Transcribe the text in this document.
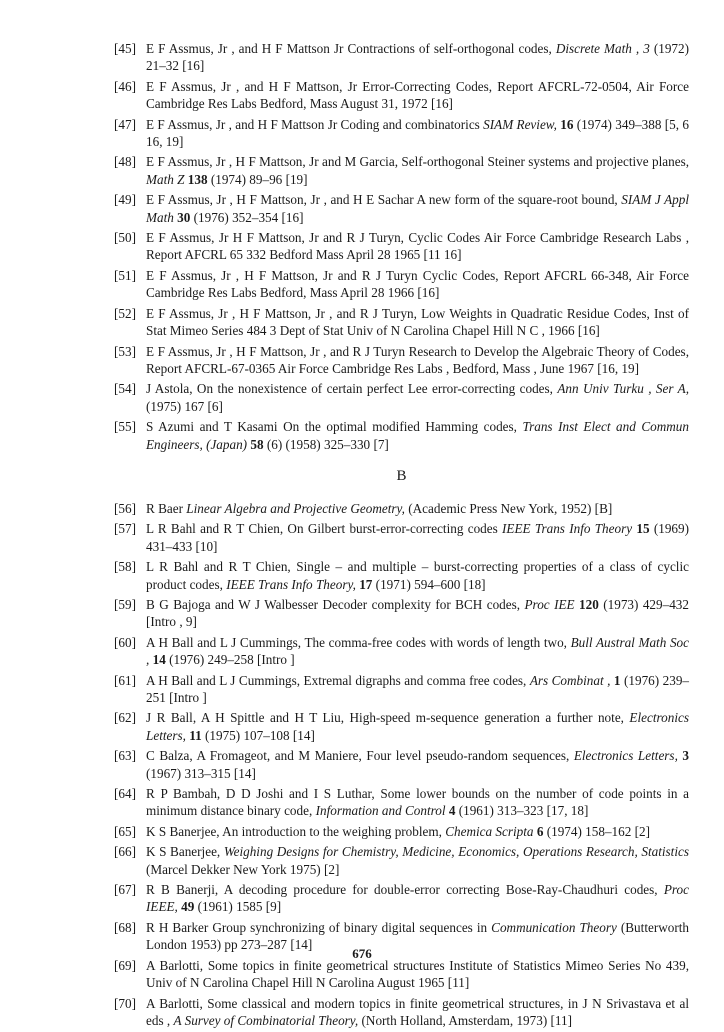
[45] E F Assmus, Jr , and H F Mattson Jr Contractions of self-orthogonal codes, Discrete Math , 3 (1972) 21–32 [16]
[46] E F Assmus, Jr , and H F Mattson, Jr Error-Correcting Codes, Report AFCRL-72-0504, Air Force Cambridge Res Labs Bedford, Mass August 31, 1972 [16]
[47] E F Assmus, Jr , and H F Mattson Jr Coding and combinatorics SIAM Review, 16 (1974) 349–388 [5, 6 16, 19]
[48] E F Assmus, Jr , H F Mattson, Jr and M Garcia, Self-orthogonal Steiner systems and projective planes, Math Z 138 (1974) 89–96 [19]
[49] E F Assmus, Jr , H F Mattson, Jr , and H E Sachar A new form of the square-root bound, SIAM J Appl Math 30 (1976) 352–354 [16]
[50] E F Assmus, Jr H F Mattson, Jr and R J Turyn, Cyclic Codes Air Force Cambridge Research Labs , Report AFCRL 65 332 Bedford Mass April 28 1965 [11 16]
[51] E F Assmus, Jr , H F Mattson, Jr and R J Turyn Cyclic Codes, Report AFCRL 66-348, Air Force Cambridge Res Labs Bedford, Mass April 28 1966 [16]
[52] E F Assmus, Jr , H F Mattson, Jr , and R J Turyn, Low Weights in Quadratic Residue Codes, Inst of Stat Mimeo Series 484 3 Dept of Stat Univ of N Carolina Chapel Hill N C , 1966 [16]
[53] E F Assmus, Jr , H F Mattson, Jr , and R J Turyn Research to Develop the Algebraic Theory of Codes, Report AFCRL-67-0365 Air Force Cambridge Res Labs , Bedford, Mass , June 1967 [16, 19]
[54] J Astola, On the nonexistence of certain perfect Lee error-correcting codes, Ann Univ Turku , Ser A, (1975) 167 [6]
[55] S Azumi and T Kasami On the optimal modified Hamming codes, Trans Inst Elect and Commun Engineers, (Japan) 58 (6) (1958) 325–330 [7]
B
[56] R Baer Linear Algebra and Projective Geometry, (Academic Press New York, 1952) [B]
[57] L R Bahl and R T Chien, On Gilbert burst-error-correcting codes IEEE Trans Info Theory 15 (1969) 431–433 [10]
[58] L R Bahl and R T Chien, Single – and multiple – burst-correcting properties of a class of cyclic product codes, IEEE Trans Info Theory, 17 (1971) 594–600 [18]
[59] B G Bajoga and W J Walbesser Decoder complexity for BCH codes, Proc IEE 120 (1973) 429–432 [Intro , 9]
[60] A H Ball and L J Cummings, The comma-free codes with words of length two, Bull Austral Math Soc , 14 (1976) 249–258 [Intro ]
[61] A H Ball and L J Cummings, Extremal digraphs and comma free codes, Ars Combinat , 1 (1976) 239–251 [Intro ]
[62] J R Ball, A H Spittle and H T Liu, High-speed m-sequence generation a further note, Electronics Letters, 11 (1975) 107–108 [14]
[63] C Balza, A Fromageot, and M Maniere, Four level pseudo-random sequences, Electronics Letters, 3 (1967) 313–315 [14]
[64] R P Bambah, D D Joshi and I S Luthar, Some lower bounds on the number of code points in a minimum distance binary code, Information and Control 4 (1961) 313–323 [17, 18]
[65] K S Banerjee, An introduction to the weighing problem, Chemica Scripta 6 (1974) 158–162 [2]
[66] K S Banerjee, Weighing Designs for Chemistry, Medicine, Economics, Operations Research, Statistics (Marcel Dekker New York 1975) [2]
[67] R B Banerji, A decoding procedure for double-error correcting Bose-Ray-Chaudhuri codes, Proc IEEE, 49 (1961) 1585 [9]
[68] R H Barker Group synchronizing of binary digital sequences in Communication Theory (Butterworth London 1953) pp 273–287 [14]
[69] A Barlotti, Some topics in finite geometrical structures Institute of Statistics Mimeo Series No 439, Univ of N Carolina Chapel Hill N Carolina August 1965 [11]
[70] A Barlotti, Some classical and modern topics in finite geometrical structures, in J N Srivastava et al eds , A Survey of Combinatorial Theory, (North Holland, Amsterdam, 1973) [11]
676
